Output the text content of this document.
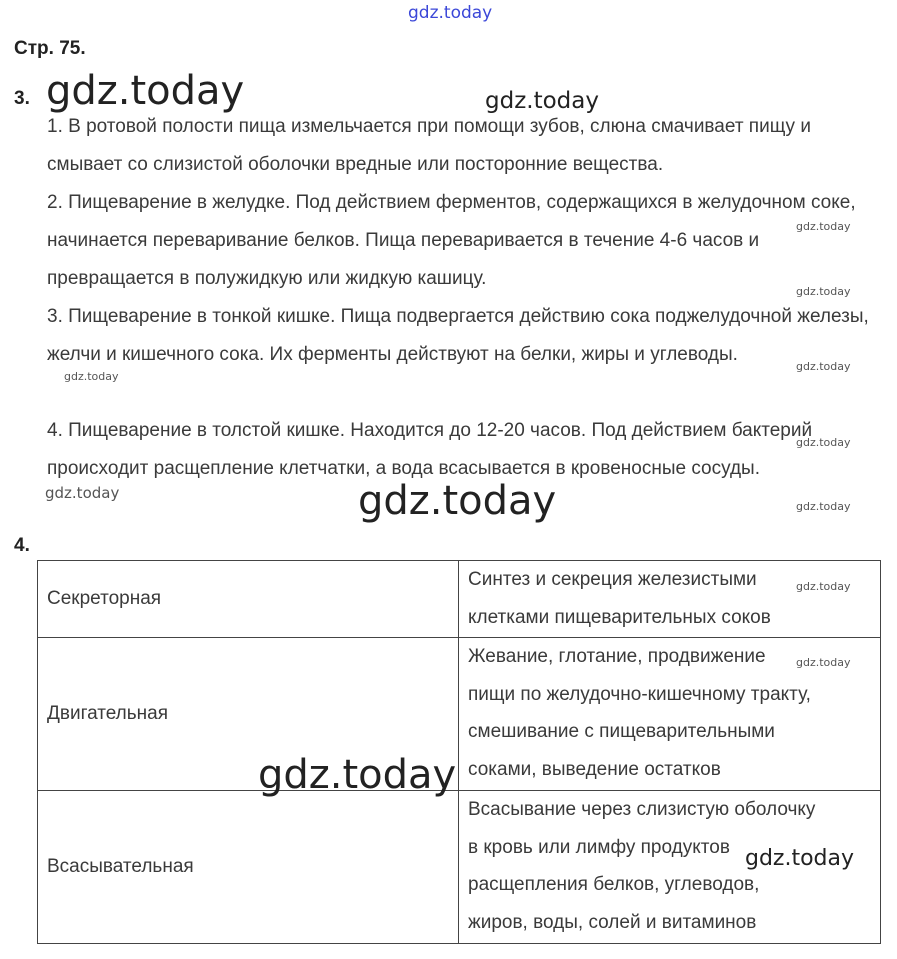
gdz.today
Стр. 75.
3. gdz.today	gdz.today

1. В ротовой полости пища измельчается при помощи зубов, слюна смачивает пищу и смывает со слизистой оболочки вредные или посторонние вещества.

2. Пищеварение в желудке. Под действием ферментов, содержащихся в желудочном соке, начинается переваривание белков. Пища переваривается в течение 4-6 часов и превращается в полужидкую или жидкую кашицу.

3. Пищеварение в тонкой кишке. Пища подвергается действию сока поджелудочной железы, желчи и кишечного сока. Их ферменты действуют на белки, жиры и углеводы.

4. Пищеварение в толстой кишке. Находится до 12-20 часов. Под действием бактерий происходит расщепление клетчатки, а вода всасывается в кровеносные сосуды.

gdz.today
gdz.today
gdz.today
gdz.today
gdz.today
gdz.today
gdz.today
gdz.today
4.
Секреторная	Синтез и секреция железистыми
клетками пищеварительных соков

Двигательная	Жевание, глотание, продвижение
пищи по желудочно-кишечному тракту,
смешивание с пищеварительными
соками, выведение остатков

Всасывательная	Всасывание через слизистую оболочку
в кровь или лимфу продуктов
расщепления белков, углеводов,
жиров, воды, солей и витаминов
gdz.today
gdz.today
gdz.today
gdz.today
